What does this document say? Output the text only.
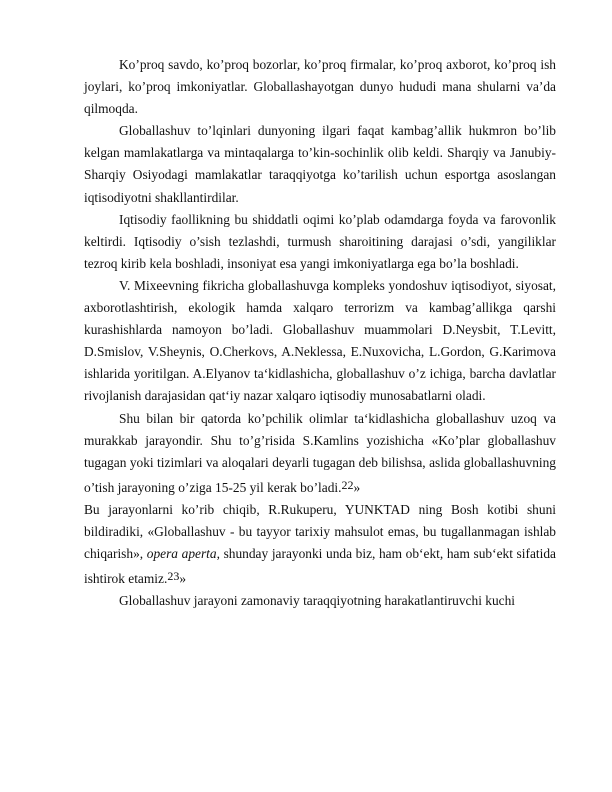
Ko’proq savdo, ko’proq bozorlar, ko’proq firmalar, ko’proq axborot, ko’proq ish joylari, ko’proq imkoniyatlar. Globallashayotgan dunyo hududi mana shularni va’da qilmoqda.

Globallashuv to’lqinlari dunyoning ilgari faqat kambag’allik hukmron bo’lib kelgan mamlakatlarga va mintaqalarga to’kin-sochinlik olib keldi. Sharqiy va Janubiy-Sharqiy Osiyodagi mamlakatlar taraqqiyotga ko’tarilish uchun esportga asoslangan iqtisodiyotni shakllantirdilar.

Iqtisodiy faollikning bu shiddatli oqimi ko’plab odamdarga foyda va farovonlik keltirdi. Iqtisodiy o’sish tezlashdi, turmush sharoitining darajasi o’sdi, yangiliklar tezroq kirib kela boshladi, insoniyat esa yangi imkoniyatlarga ega bo’la boshladi.

V. Mixeevning fikricha globallashuvga kompleks yondoshuv iqtisodiyot, siyosat, axborotlashtirish, ekologik hamda xalqaro terrorizm va kambag’allikga qarshi kurashishlarda namoyon bo’ladi. Globallashuv muammolari D.Neysbit, T.Levitt, D.Smislov, V.Sheynis, O.Cherkovs, A.Neklessa, E.Nuxovicha, L.Gordon, G.Karimova ishlarida yoritilgan. A.Elyanov ta‘kidlashicha, globallashuv o’z ichiga, barcha davlatlar rivojlanish darajasidan qat‘iy nazar xalqaro iqtisodiy munosabatlarni oladi.

Shu bilan bir qatorda ko’pchilik olimlar ta‘kidlashicha globallashuv uzoq va murakkab jarayondir. Shu to’g’risida S.Kamlins yozishicha «Ko’plar globallashuv tugagan yoki tizimlari va aloqalari deyarli tugagan deb bilishsa, aslida globallashuvning o’tish jarayoning o’ziga 15-25 yil kerak bo’ladi.22»

Bu jarayonlarni ko’rib chiqib, R.Rukuperu, YUNKTAD ning Bosh kotibi shuni bildiradiki, «Globallashuv - bu tayyor tarixiy mahsulot emas, bu tugallanmagan ishlab chiqarish», opera aperta, shunday jarayonki unda biz, ham ob‘ekt, ham sub‘ekt sifatida ishtirok etamiz.23»

Globallashuv jarayoni zamonaviy taraqqiyotning harakatlantiruvchi kuchi
